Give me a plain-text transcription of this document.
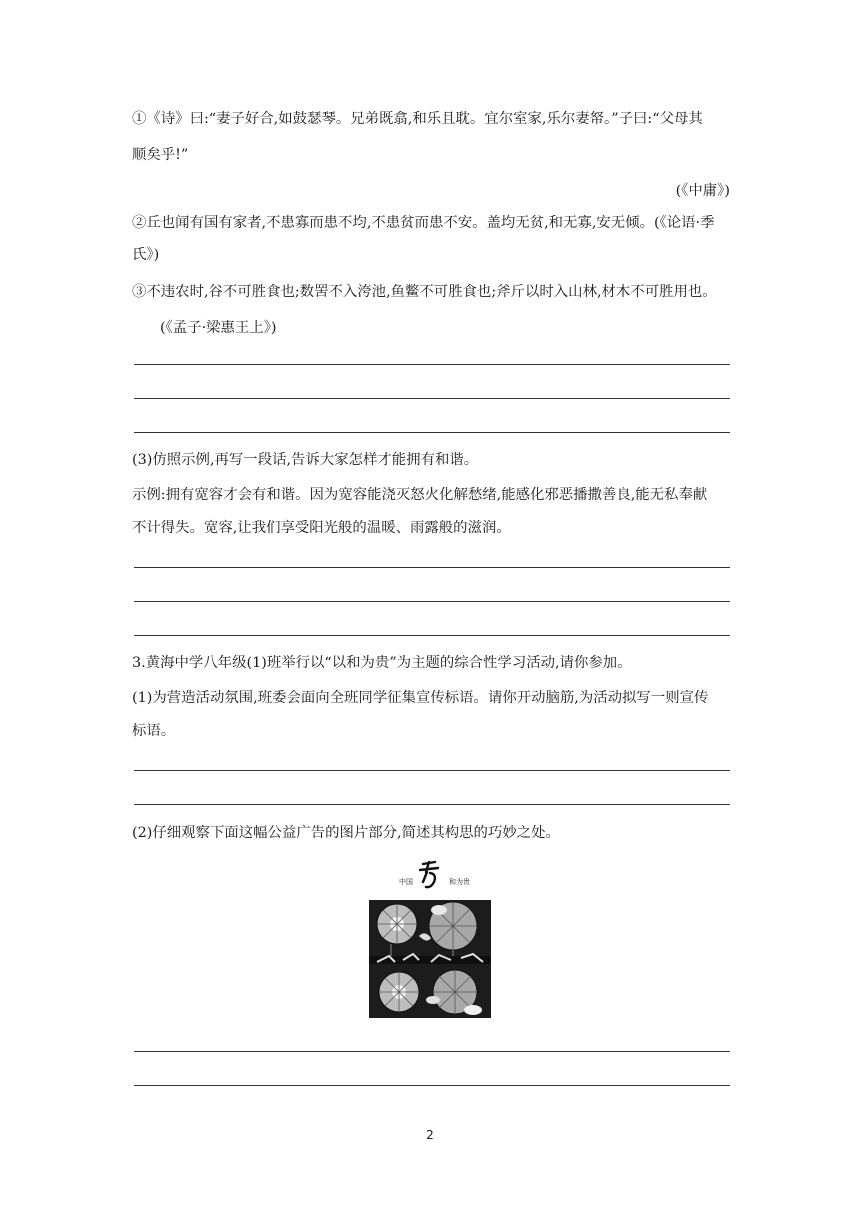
①《诗》曰:“妻子好合,如鼓瑟琴。兄弟既翕,和乐且耽。宜尔室家,乐尔妻帑。”子曰:“父母其
顺矣乎!”
(《中庸》)
②丘也闻有国有家者,不患寡而患不均,不患贫而患不安。盖均无贫,和无寡,安无倾。(《论语·季
氏》)
③不违农时,谷不可胜食也;数罟不入洿池,鱼鳖不可胜食也;斧斤以时入山林,材木不可胜用也。
(《孟子·梁惠王上》)
(3)仿照示例,再写一段话,告诉大家怎样才能拥有和谐。
示例:拥有宽容才会有和谐。因为宽容能浇灭怒火化解愁绪,能感化邪恶播撒善良,能无私奉献
不计得失。宽容,让我们享受阳光般的温暖、雨露般的滋润。
3.黄海中学八年级(1)班举行以“以和为贵”为主题的综合性学习活动,请你参加。
(1)为营造活动氛围,班委会面向全班同学征集宣传标语。请你开动脑筋,为活动拟写一则宣传
标语。
(2)仔细观察下面这幅公益广告的图片部分,简述其构思的巧妙之处。
中国	和为贵
2
